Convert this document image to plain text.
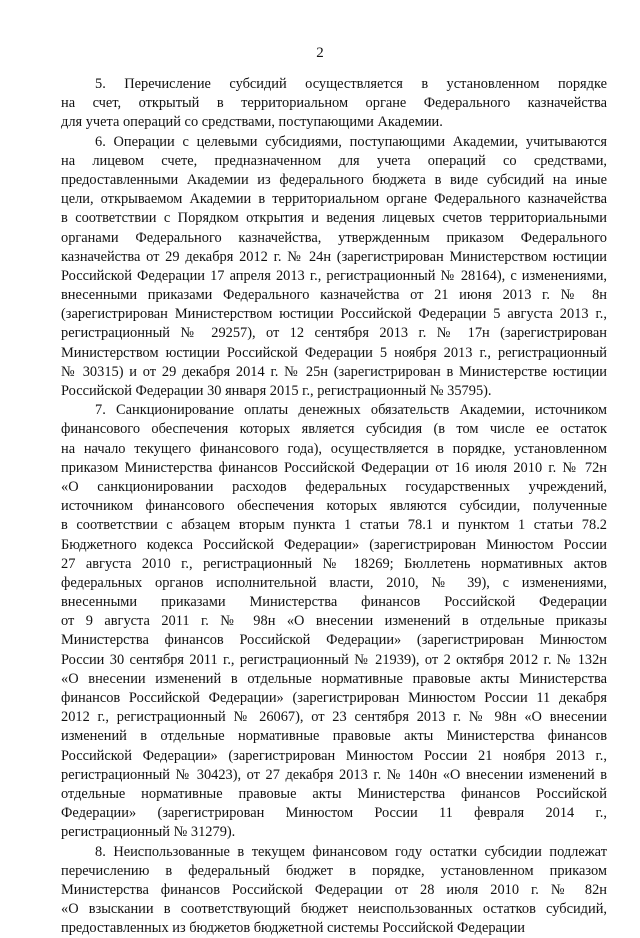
2
5. Перечисление субсидий осуществляется в установленном порядке
на счет, открытый в территориальном органе Федерального казначейства
для учета операций со средствами, поступающими Академии.
6. Операции с целевыми субсидиями, поступающими Академии, учитываются
на лицевом счете, предназначенном для учета операций со средствами,
предоставленными Академии из федерального бюджета в виде субсидий на иные
цели, открываемом Академии в территориальном органе Федерального казначейства
в соответствии с Порядком открытия и ведения лицевых счетов территориальными
органами Федерального казначейства, утвержденным приказом Федерального
казначейства от 29 декабря 2012 г. № 24н (зарегистрирован Министерством юстиции
Российской Федерации 17 апреля 2013 г., регистрационный № 28164), с изменениями,
внесенными приказами Федерального казначейства от 21 июня 2013 г. № 8н
(зарегистрирован Министерством юстиции Российской Федерации 5 августа 2013 г.,
регистрационный № 29257), от 12 сентября 2013 г. № 17н (зарегистрирован
Министерством юстиции Российской Федерации 5 ноября 2013 г., регистрационный
№ 30315) и от 29 декабря 2014 г. № 25н (зарегистрирован в Министерстве юстиции
Российской Федерации 30 января 2015 г., регистрационный № 35795).
7. Санкционирование оплаты денежных обязательств Академии, источником
финансового обеспечения которых является субсидия (в том числе ее остаток
на начало текущего финансового года), осуществляется в порядке, установленном
приказом Министерства финансов Российской Федерации от 16 июля 2010 г. № 72н
«О санкционировании расходов федеральных государственных учреждений,
источником финансового обеспечения которых являются субсидии, полученные
в соответствии с абзацем вторым пункта 1 статьи 78.1 и пунктом 1 статьи 78.2
Бюджетного кодекса Российской Федерации» (зарегистрирован Минюстом России
27 августа 2010 г., регистрационный № 18269; Бюллетень нормативных актов
федеральных органов исполнительной власти, 2010, № 39), с изменениями,
внесенными приказами Министерства финансов Российской Федерации
от 9 августа 2011 г. № 98н «О внесении изменений в отдельные приказы
Министерства финансов Российской Федерации» (зарегистрирован Минюстом
России 30 сентября 2011 г., регистрационный № 21939), от 2 октября 2012 г. № 132н
«О внесении изменений в отдельные нормативные правовые акты Министерства
финансов Российской Федерации» (зарегистрирован Минюстом России 11 декабря
2012 г., регистрационный № 26067), от 23 сентября 2013 г. № 98н «О внесении
изменений в отдельные нормативные правовые акты Министерства финансов
Российской Федерации» (зарегистрирован Минюстом России 21 ноября 2013 г.,
регистрационный № 30423), от 27 декабря 2013 г. № 140н «О внесении изменений в
отдельные нормативные правовые акты Министерства финансов Российской
Федерации» (зарегистрирован Минюстом России 11 февраля 2014 г.,
регистрационный № 31279).
8. Неиспользованные в текущем финансовом году остатки субсидии подлежат
перечислению в федеральный бюджет в порядке, установленном приказом
Министерства финансов Российской Федерации от 28 июля 2010 г. № 82н
«О взыскании в соответствующий бюджет неиспользованных остатков субсидий,
предоставленных из бюджетов бюджетной системы Российской Федерации
